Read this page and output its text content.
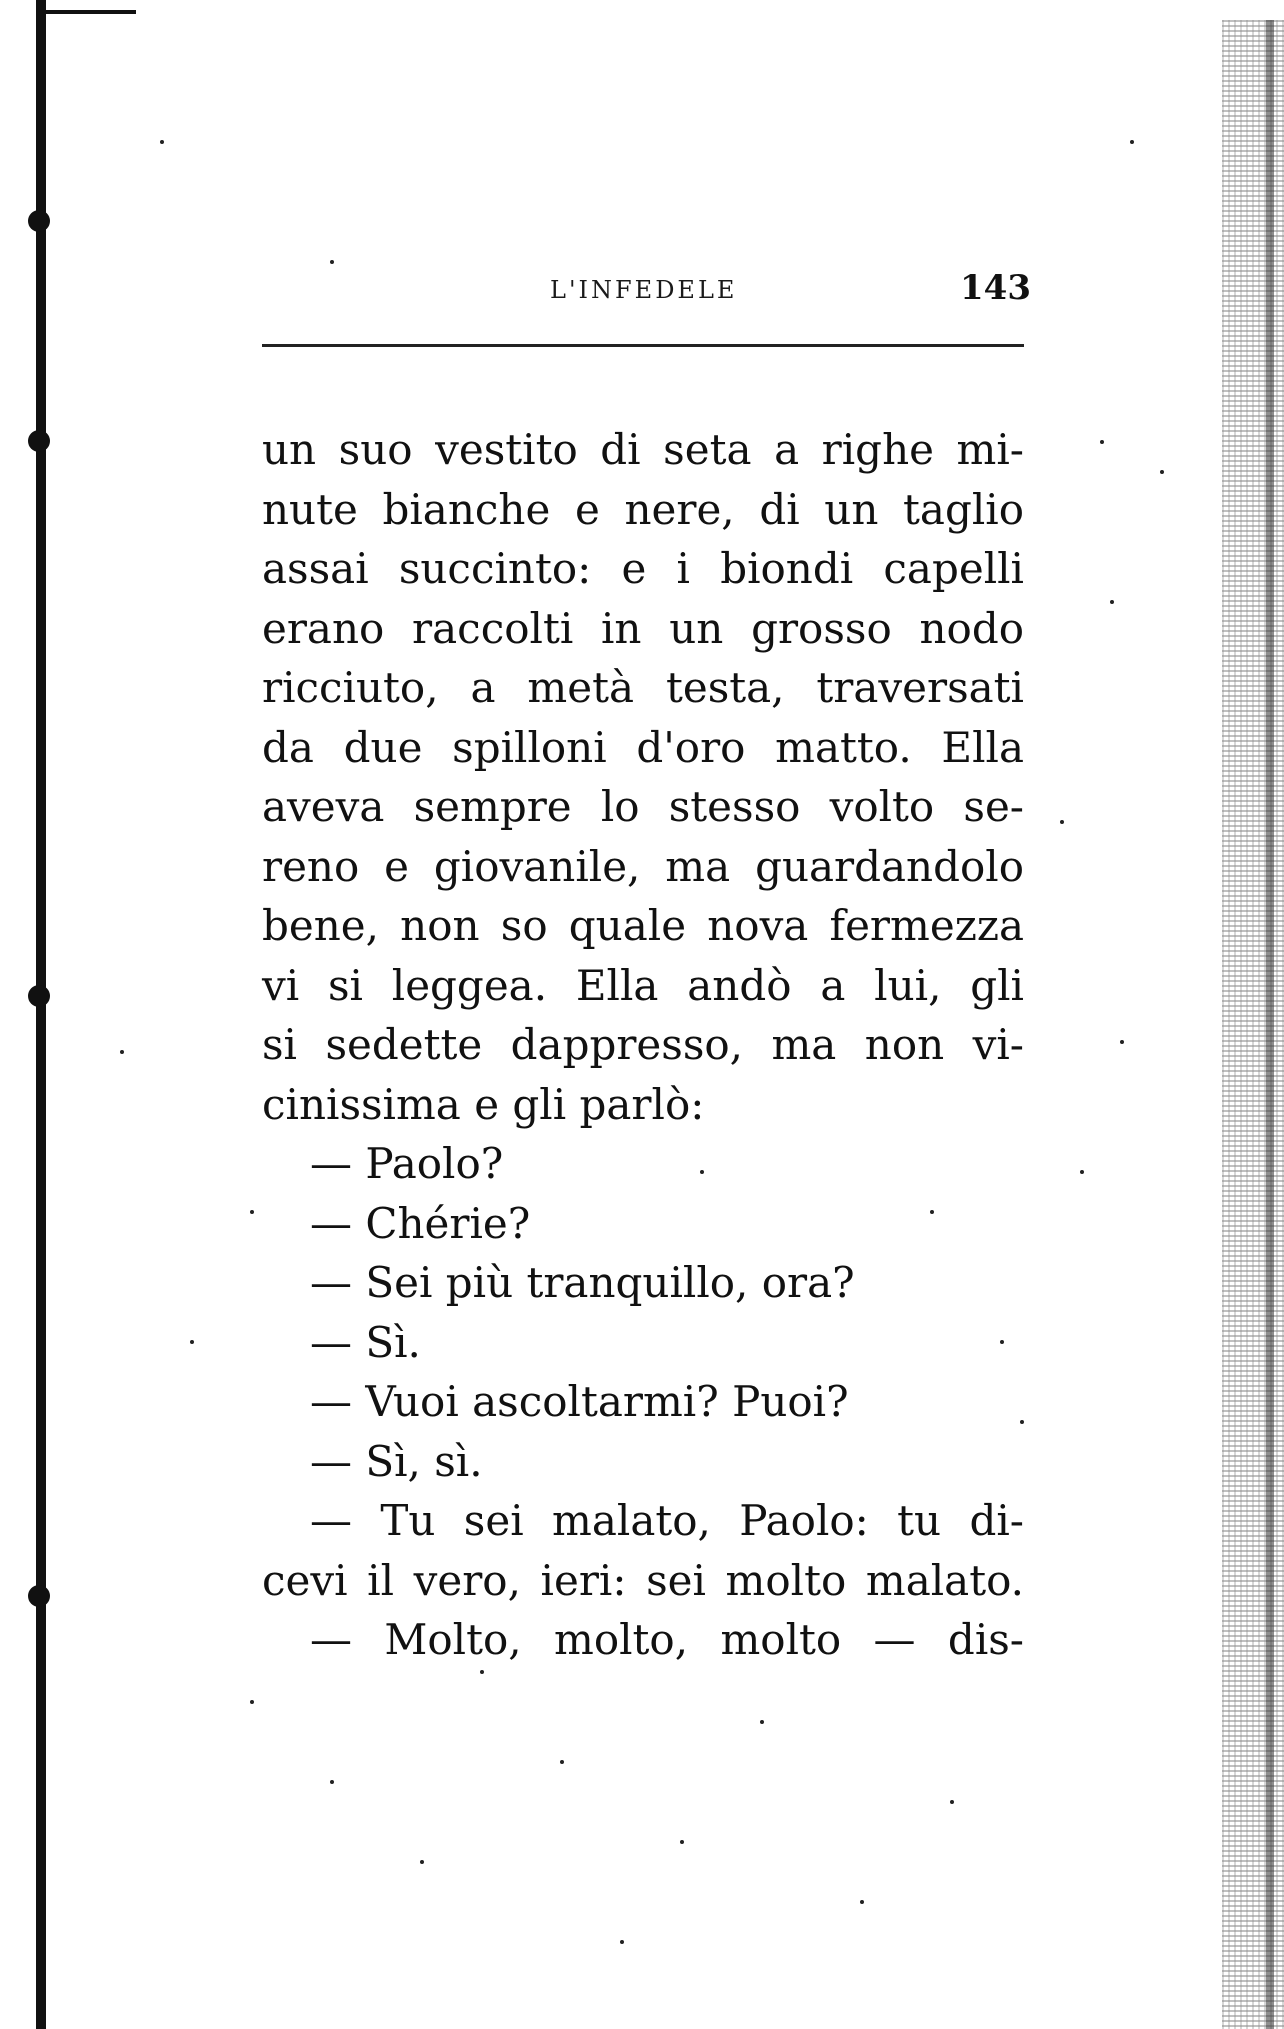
L'INFEDELE	143
un suo vestito di seta a righe mi-
nute bianche e nere, di un taglio
assai succinto: e i biondi capelli
erano raccolti in un grosso nodo
ricciuto, a metà testa, traversati
da due spilloni d'oro matto. Ella
aveva sempre lo stesso volto se-
reno e giovanile, ma guardandolo
bene, non so quale nova fermezza
vi si leggea. Ella andò a lui, gli
si sedette dappresso, ma non vi-
cinissima e gli parlò:
— Paolo?
— Chérie?
— Sei più tranquillo, ora?
— Sì.
— Vuoi ascoltarmi? Puoi?
— Sì, sì.
— Tu sei malato, Paolo: tu di-
cevi il vero, ieri: sei molto malato.
— Molto, molto, molto — dis-
